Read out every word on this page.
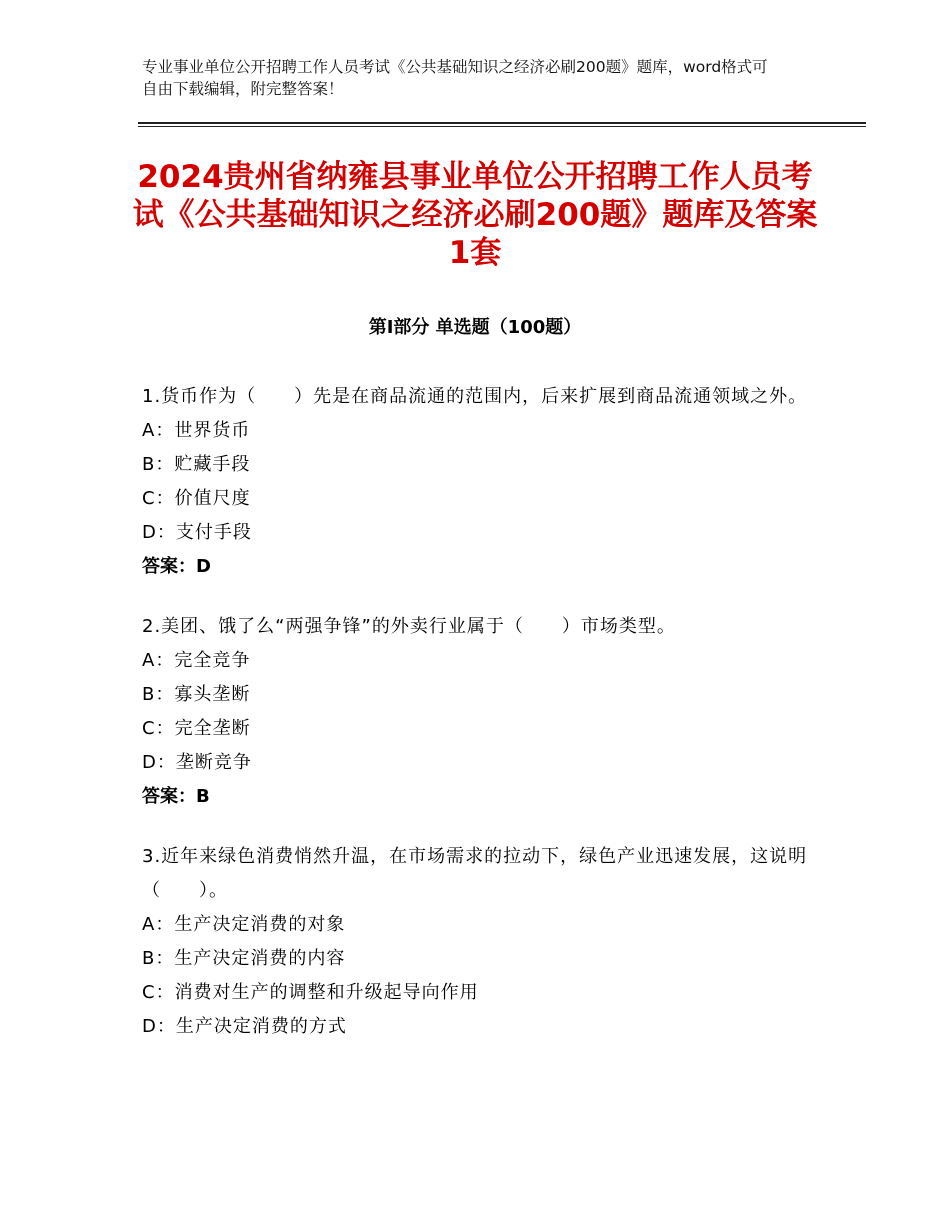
专业事业单位公开招聘工作人员考试《公共基础知识之经济必刷200题》题库，word格式可自由下载编辑，附完整答案！
2024贵州省纳雍县事业单位公开招聘工作人员考试《公共基础知识之经济必刷200题》题库及答案1套
第I部分 单选题（100题）

1.货币作为（　　）先是在商品流通的范围内，后来扩展到商品流通领域之外。

A：世界货币

B：贮藏手段

C：价值尺度

D：支付手段

答案：D

2.美团、饿了么“两强争锋”的外卖行业属于（　　）市场类型。

A：完全竞争

B：寡头垄断

C：完全垄断

D：垄断竞争

答案：B

3.近年来绿色消费悄然升温，在市场需求的拉动下，绿色产业迅速发展，这说明（　　）。

A：生产决定消费的对象

B：生产决定消费的内容

C：消费对生产的调整和升级起导向作用

D：生产决定消费的方式
